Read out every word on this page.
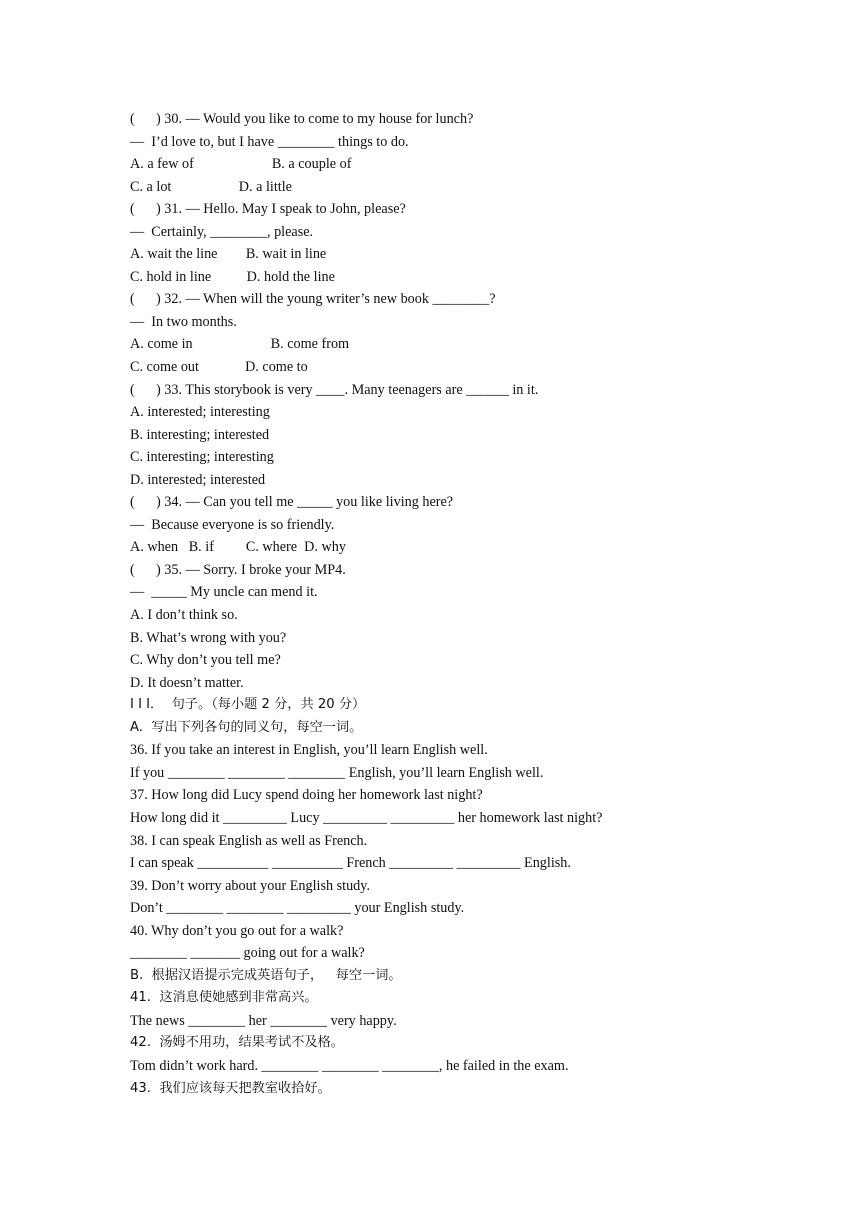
(      ) 30. — Would you like to come to my house for lunch?
—  I’d love to, but I have ________ things to do.
A. a few of                      B. a couple of
C. a lot                   D. a little
(      ) 31. — Hello. May I speak to John, please?
—  Certainly, ________, please.
A. wait the line        B. wait in line
C. hold in line          D. hold the line
(      ) 32. — When will the young writer’s new book ________?
—  In two months.
A. come in                      B. come from
C. come out             D. come to
(      ) 33. This storybook is very ____. Many teenagers are ______ in it.
A. interested; interesting
B. interesting; interested
C. interesting; interesting
D. interested; interested
(      ) 34. — Can you tell me _____ you like living here?
—  Because everyone is so friendly.
A. when   B. if         C. where  D. why
(      ) 35. — Sorry. I broke your MP4.
—  _____ My uncle can mend it.
A. I don’t think so.
B. What’s wrong with you?
C. Why don’t you tell me?
D. It doesn’t matter.
Ⅰ Ⅰ Ⅰ．  句子。（每小题 2 分，共 20 分）
A.  写出下列各句的同义句，每空一词。
36. If you take an interest in English, you’ll learn English well.
If you ________ ________ ________ English, you’ll learn English well.
37. How long did Lucy spend doing her homework last night?
How long did it _________ Lucy _________ _________ her homework last night?
38. I can speak English as well as French.
I can speak __________ __________ French _________ _________ English.
39. Don’t worry about your English study.
Don’t ________ ________ _________ your English study.
40. Why don’t you go out for a walk?
________ _______ going out for a walk?
B.  根据汉语提示完成英语句子，   每空一词。
41.  这消息使她感到非常高兴。
The news ________ her ________ very happy.
42.  汤姆不用功，结果考试不及格。
Tom didn’t work hard. ________ ________ ________, he failed in the exam.
43.  我们应该每天把教室收拾好。
